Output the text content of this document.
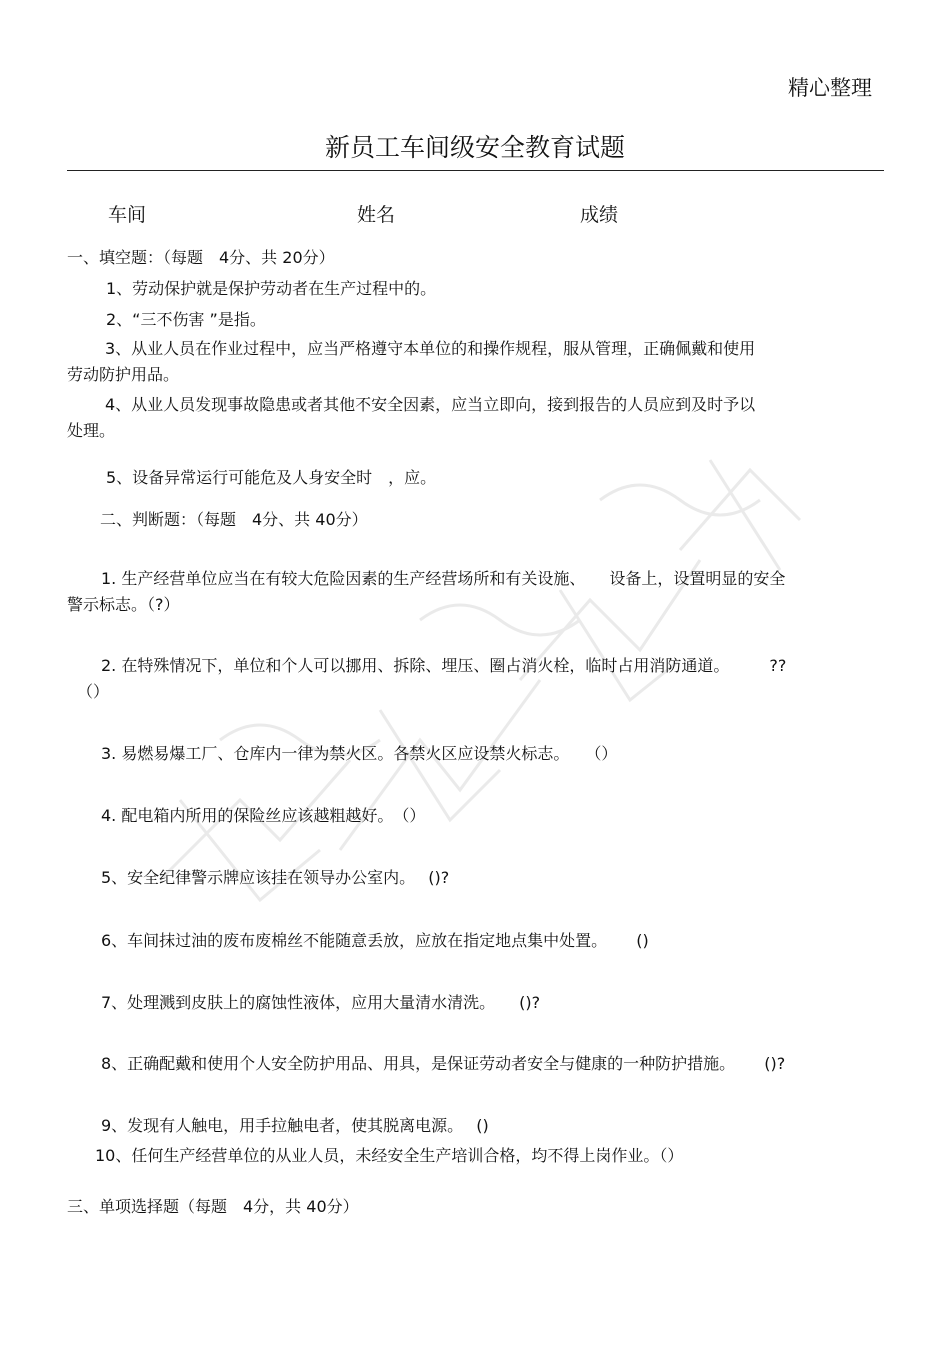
精心整理
新员工车间级安全教育试题
车间	姓名	成绩
一、填空题：（每题　4分、共 20分）
1、劳动保护就是保护劳动者在生产过程中的。
2、“三不伤害 ”是指。
3、从业人员在作业过程中，应当严格遵守本单位的和操作规程，服从管理，正确佩戴和使用
劳动防护用品。
4、从业人员发现事故隐患或者其他不安全因素，应当立即向，接到报告的人员应到及时予以
处理。
5、设备异常运行可能危及人身安全时　，应。
二、判断题：（每题　4分、共 40分）
1. 生产经营单位应当在有较大危险因素的生产经营场所和有关设施、　　设备上，设置明显的安全
警示标志。（?）
2. 在特殊情况下，单位和个人可以挪用、拆除、埋压、圈占消火栓，临时占用消防通道。　　　??
（）
3. 易燃易爆工厂、仓库内一律为禁火区。各禁火区应设禁火标志。　　（）
4. 配电箱内所用的保险丝应该越粗越好。　（）
5、安全纪律警示牌应该挂在领导办公室内。　 ()?
6、车间抹过油的废布废棉丝不能随意丢放，应放在指定地点集中处置。　　 ()
7、处理溅到皮肤上的腐蚀性液体，应用大量清水清洗。　　()?
8、正确配戴和使用个人安全防护用品、用具，是保证劳动者安全与健康的一种防护措施。　　 ()?
9、发现有人触电，用手拉触电者，使其脱离电源。　 ()
10、任何生产经营单位的从业人员，未经安全生产培训合格，均不得上岗作业。（）
三、单项选择题（每题　4分，共 40分）
